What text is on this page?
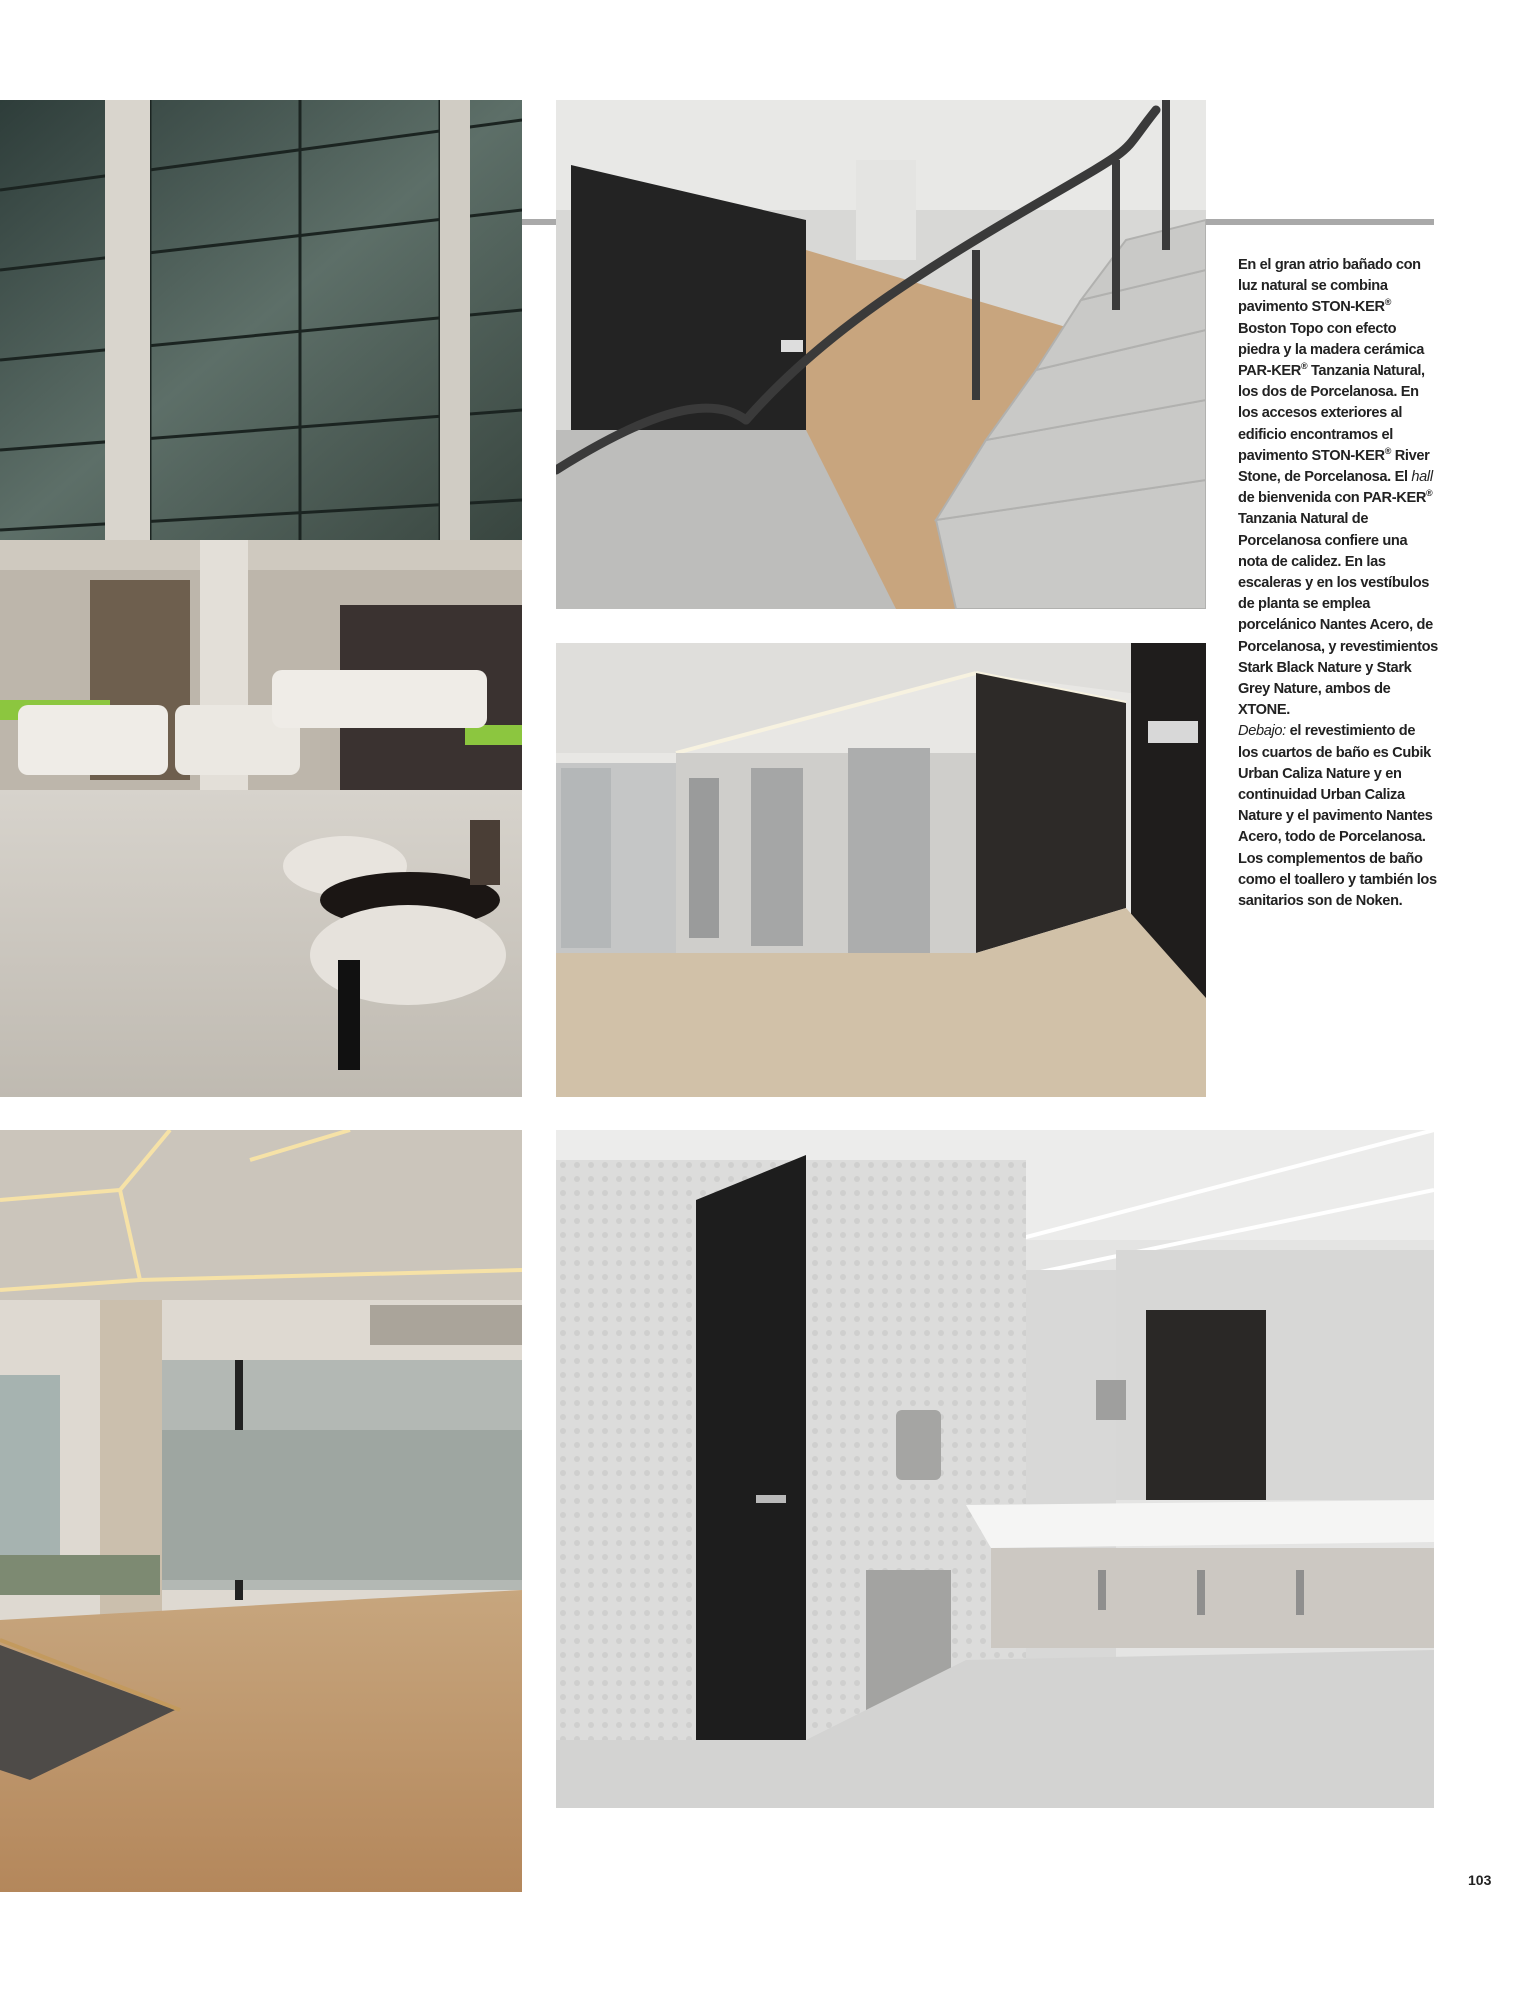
En el gran atrio bañado con luz natural se combina pavimento STON-KER® Boston Topo con efecto piedra y la madera cerámica PAR-KER® Tanzania Natural, los dos de Porcelanosa. En los accesos exteriores al edificio encontramos el pavimento STON-KER® River Stone, de Porcelanosa. El hall de bienvenida con PAR-KER® Tanzania Natural de Porcelanosa confiere una nota de calidez. En las escaleras y en los vestíbulos de planta se emplea porcelánico Nantes Acero, de Porcelanosa, y revestimientos Stark Black Nature y Stark Grey Nature, ambos de XTONE.
Debajo: el revestimiento de los cuartos de baño es Cubik Urban Caliza Nature y en continuidad Urban Caliza Nature y el pavimento Nantes Acero, todo de Porcelanosa. Los complementos de baño como el toallero y también los sanitarios son de Noken.
103
